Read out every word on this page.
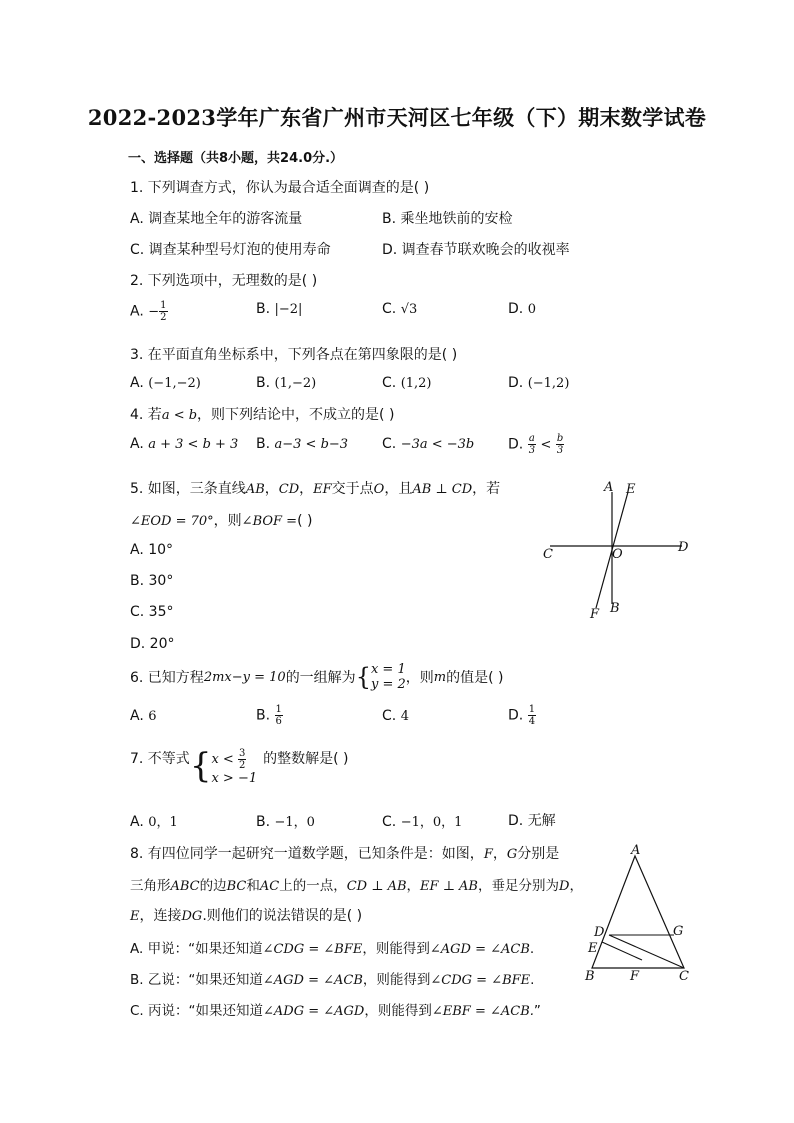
2022-2023学年广东省广州市天河区七年级（下）期末数学试卷
一、选择题（共8小题，共24.0分.）
1. 下列调查方式，你认为最合适全面调查的是( )
A. 调查某地全年的游客流量	B. 乘坐地铁前的安检
C. 调查某种型号灯泡的使用寿命	D. 调查春节联欢晚会的收视率
2. 下列选项中，无理数的是( )
A. − $\frac{1}{2}$	B. |−2|	C. √3	D. 0
3. 在平面直角坐标系中，下列各点在第四象限的是( )
A. (−1,−2)	B. (1,−2)	C. (1,2)	D. (−1,2)
4. 若a < b，则下列结论中，不成立的是( )
A. a + 3 < b + 3 B. a−3 < b−3 C. −3a < −3b D. $\frac{a}{3} < \frac{b}{3}$
5. 如图，三条直线AB，CD，EF交于点O，且AB ⊥ CD，若
∠EOD = 70°，则∠BOF =( )
A. 10°
B. 30°
C. 35°
D. 20°
A E
C	O	D
F B
6. 已知方程 2mx−y = 10 的一组解为 { x = 1
y = 2 ，则 m 的值是( )
A. 6	B. $\frac{1}{6}$	C. 4	D. $\frac{1}{4}$
7. 不等式 { $x < \frac{3}{2}$
x > −1
的整数解是( )
A. 0，1	B. −1，0	C. −1，0，1	D. 无解
8. 有四位同学一起研究一道数学题，已知条件是：如图，F，G分别是
三角形ABC的边BC和AC上的一点，CD ⊥ AB，EF ⊥ AB，垂足分别为D，
E，连接DG.则他们的说法错误的是( )
A. 甲说：“如果还知道∠CDG = ∠BFE，则能得到∠AGD = ∠ACB.
B. 乙说：“如果还知道∠AGD = ∠ACB，则能得到∠CDG = ∠BFE.
C. 丙说：“如果还知道∠ADG = ∠AGD，则能得到∠EBF = ∠ACB.”
A
D	G
E
B	F	C
